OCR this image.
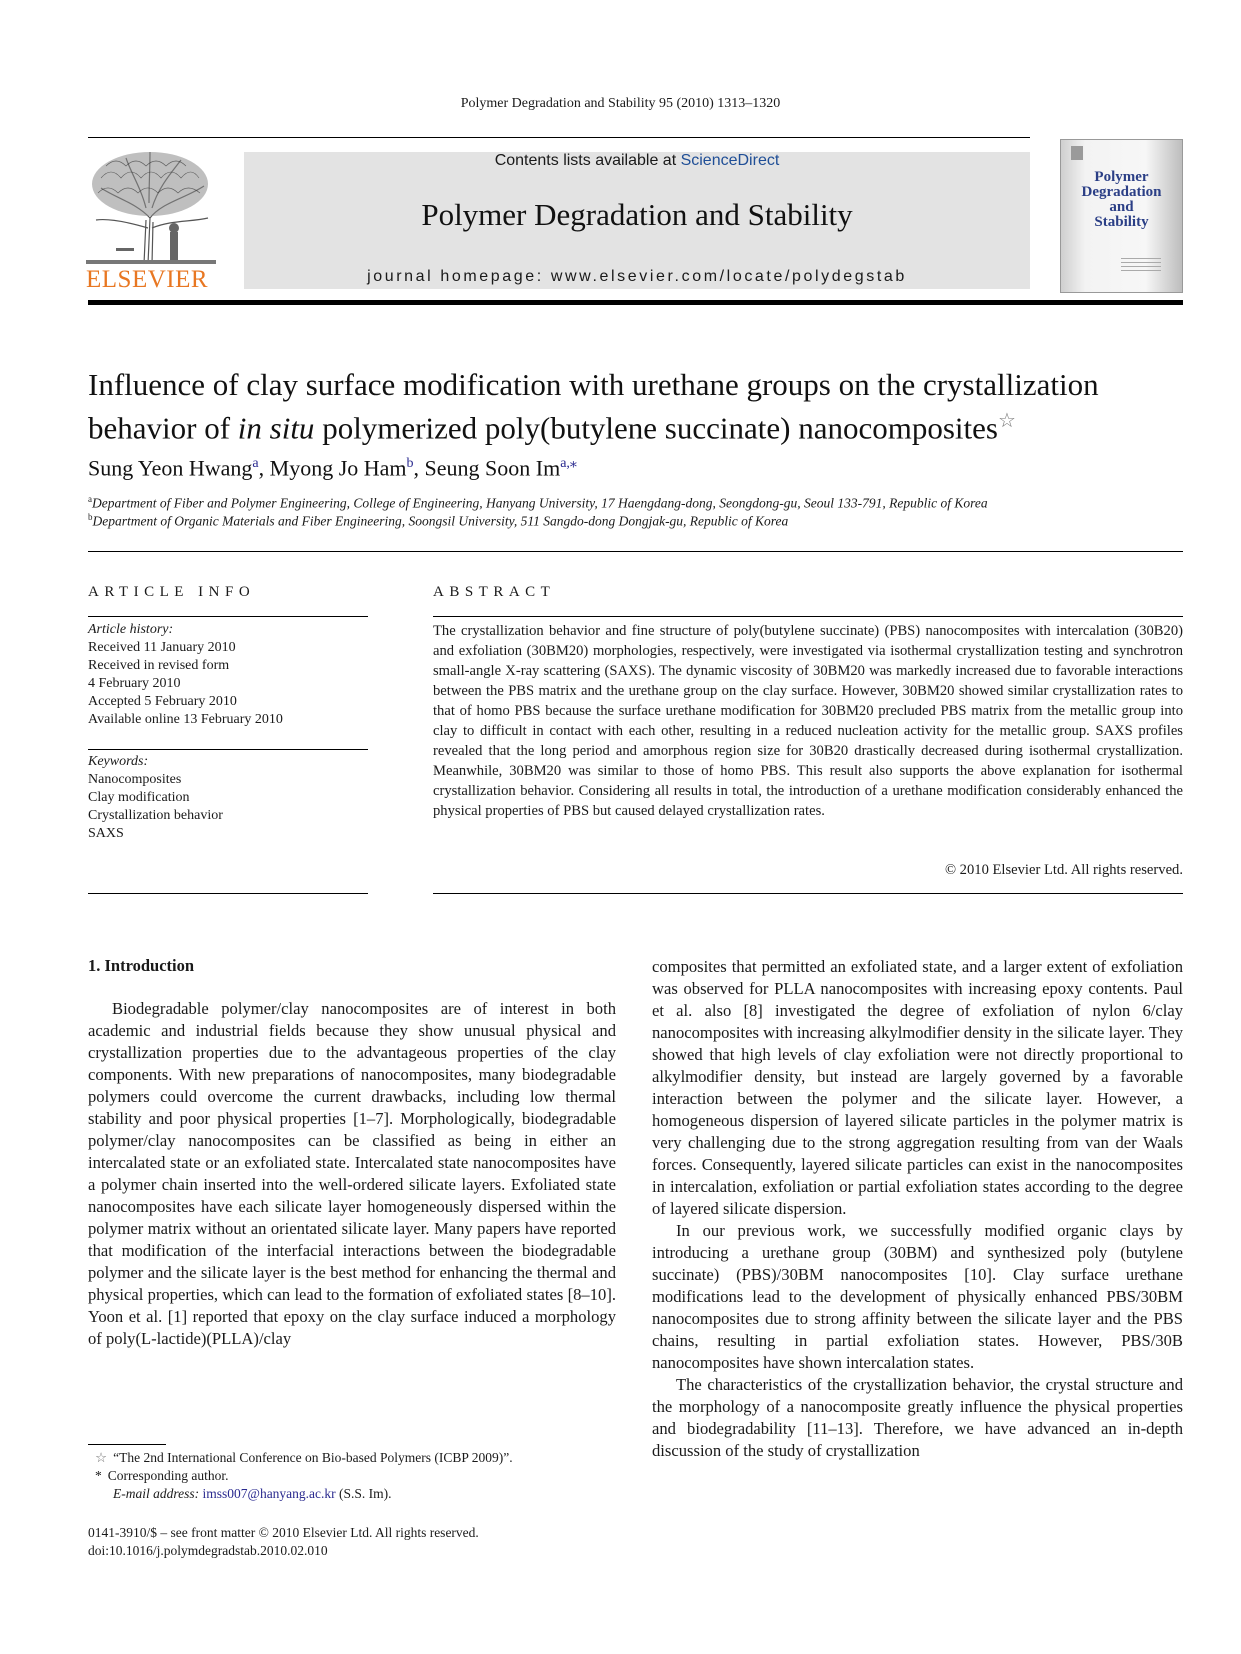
Polymer Degradation and Stability 95 (2010) 1313–1320
ELSEVIER
Contents lists available at ScienceDirect
Polymer Degradation and Stability
journal homepage: www.elsevier.com/locate/polydegstab
Polymer
Degradation
and
Stability
Influence of clay surface modification with urethane groups on the crystallization behavior of in situ polymerized poly(butylene succinate) nanocomposites☆
Sung Yeon Hwang$^a$, Myong Jo Ham$^b$, Seung Soon $Im^{a,⁎}$
$^a$Department of Fiber and Polymer Engineering, College of Engineering, Hanyang University, 17 Haengdang-dong, Seongdong-gu, Seoul 133-791, Republic of Korea
$^b$Department of Organic Materials and Fiber Engineering, Soongsil University, 511 Sangdo-dong Dongjak-gu, Republic of Korea
ARTICLE INFO
Article history:
Received 11 January 2010
Received in revised form
4 February 2010
Accepted 5 February 2010
Available online 13 February 2010
Keywords:
Nanocomposites
Clay modification
Crystallization behavior
SAXS
ABSTRACT
The crystallization behavior and fine structure of poly(butylene succinate) (PBS) nanocomposites with intercalation (30B20) and exfoliation (30BM20) morphologies, respectively, were investigated via isothermal crystallization testing and synchrotron small-angle X-ray scattering (SAXS). The dynamic viscosity of 30BM20 was markedly increased due to favorable interactions between the PBS matrix and the urethane group on the clay surface. However, 30BM20 showed similar crystallization rates to that of homo PBS because the surface urethane modification for 30BM20 precluded PBS matrix from the metallic group into clay to difficult in contact with each other, resulting in a reduced nucleation activity for the metallic group. SAXS profiles revealed that the long period and amorphous region size for 30B20 drastically decreased during isothermal crystallization. Meanwhile, 30BM20 was similar to those of homo PBS. This result also supports the above explanation for isothermal crystallization behavior. Considering all results in total, the introduction of a urethane modification considerably enhanced the physical properties of PBS but caused delayed crystallization rates.
© 2010 Elsevier Ltd. All rights reserved.
1. Introduction

Biodegradable polymer/clay nanocomposites are of interest in both academic and industrial fields because they show unusual physical and crystallization properties due to the advantageous properties of the clay components. With new preparations of nanocomposites, many biodegradable polymers could overcome the current drawbacks, including low thermal stability and poor physical properties [1–7]. Morphologically, biodegradable polymer/clay nanocomposites can be classified as being in either an intercalated state or an exfoliated state. Intercalated state nanocomposites have a polymer chain inserted into the well-ordered silicate layers. Exfoliated state nanocomposites have each silicate layer homogeneously dispersed within the polymer matrix without an orientated silicate layer. Many papers have reported that modification of the interfacial interactions between the biodegradable polymer and the silicate layer is the best method for enhancing the thermal and physical properties, which can lead to the formation of exfoliated states [8–10]. Yoon et al. [1] reported that epoxy on the clay surface induced a morphology of poly(L-lactide)(PLLA)/clay

composites that permitted an exfoliated state, and a larger extent of exfoliation was observed for PLLA nanocomposites with increasing epoxy contents. Paul et al. also [8] investigated the degree of exfoliation of nylon 6/clay nanocomposites with increasing alkylmodifier density in the silicate layer. They showed that high levels of clay exfoliation were not directly proportional to alkylmodifier density, but instead are largely governed by a favorable interaction between the polymer and the silicate layer. However, a homogeneous dispersion of layered silicate particles in the polymer matrix is very challenging due to the strong aggregation resulting from van der Waals forces. Consequently, layered silicate particles can exist in the nanocomposites in intercalation, exfoliation or partial exfoliation states according to the degree of layered silicate dispersion.

In our previous work, we successfully modified organic clays by introducing a urethane group (30BM) and synthesized poly (butylene succinate) (PBS)/30BM nanocomposites [10]. Clay surface urethane modifications lead to the development of physically enhanced PBS/30BM nanocomposites due to strong affinity between the silicate layer and the PBS chains, resulting in partial exfoliation states. However, PBS/30B nanocomposites have shown intercalation states.

The characteristics of the crystallization behavior, the crystal structure and the morphology of a nanocomposite greatly influence the physical properties and biodegradability [11–13]. Therefore, we have advanced an in-depth discussion of the study of crystallization

☆ “The 2nd International Conference on Bio-based Polymers (ICBP 2009)”.
* Corresponding author.
E-mail address: imss007@hanyang.ac.kr (S.S. Im).
0141-3910/$ – see front matter © 2010 Elsevier Ltd. All rights reserved.
doi:10.1016/j.polymdegradstab.2010.02.010
